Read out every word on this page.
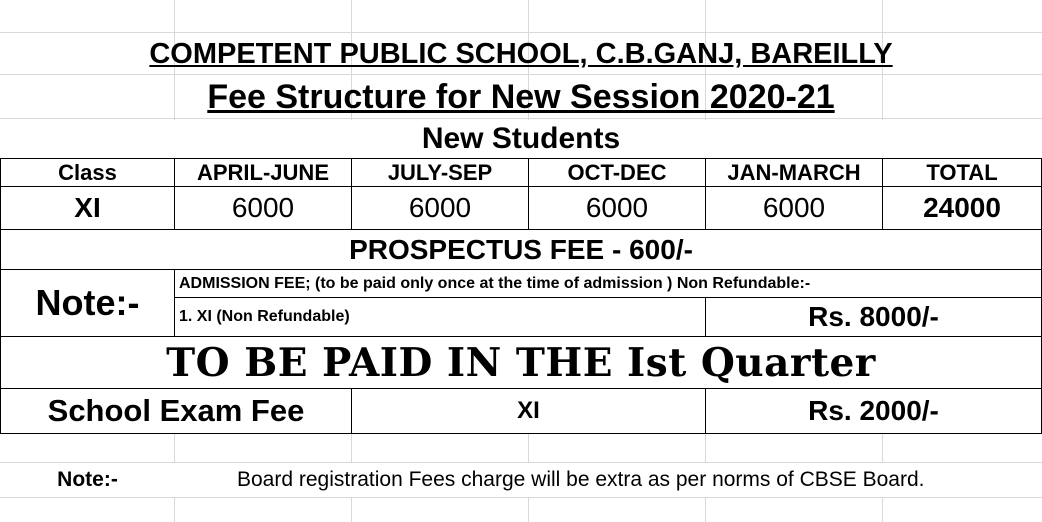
COMPETENT PUBLIC SCHOOL, C.B.GANJ, BAREILLY
Fee Structure for New Session 2020-21
New Students
Class	APRIL-JUNE	JULY-SEP	OCT-DEC	JAN-MARCH	TOTAL
XI	6000	6000	6000	6000	24000
PROSPECTUS FEE - 600/-
Note:-	ADMISSION FEE; (to be paid only once at the time of admission ) Non Refundable:-
1. XI (Non Refundable)	Rs. 8000/-
TO BE PAID IN THE Ist Quarter
School Exam Fee	XI	Rs. 2000/-
Note:-	Board registration Fees charge will be extra as per norms of CBSE Board.
